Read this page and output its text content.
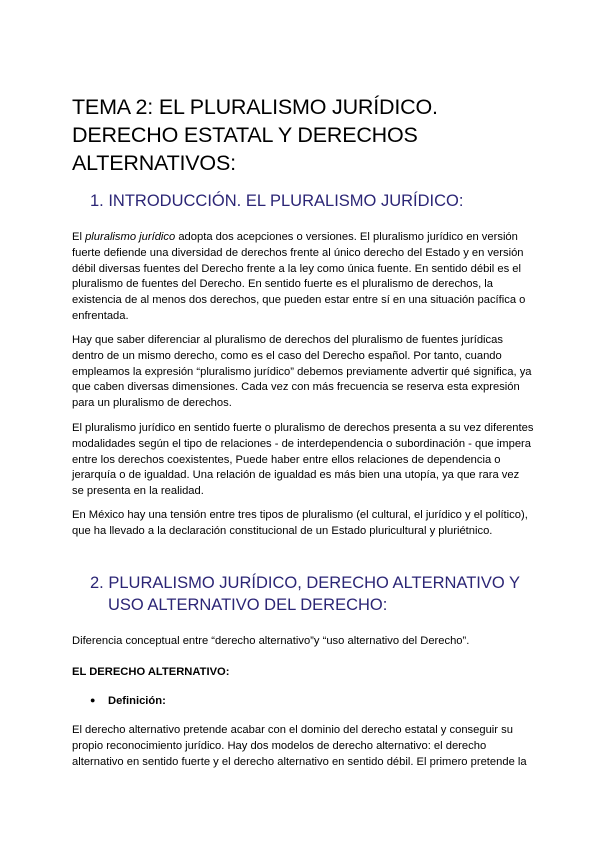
TEMA 2: EL PLURALISMO JURÍDICO. DERECHO ESTATAL Y DERECHOS ALTERNATIVOS:
1. INTRODUCCIÓN. EL PLURALISMO JURÍDICO:

El pluralismo jurídico adopta dos acepciones o versiones. El pluralismo jurídico en versión fuerte defiende una diversidad de derechos frente al único derecho del Estado y en versión débil diversas fuentes del Derecho frente a la ley como única fuente. En sentido débil es el pluralismo de fuentes del Derecho. En sentido fuerte es el pluralismo de derechos, la existencia de al menos dos derechos, que pueden estar entre sí en una situación pacífica o enfrentada.

Hay que saber diferenciar al pluralismo de derechos del pluralismo de fuentes jurídicas dentro de un mismo derecho, como es el caso del Derecho español. Por tanto, cuando empleamos la expresión “pluralismo jurídico” debemos previamente advertir qué significa, ya que caben diversas dimensiones. Cada vez con más frecuencia se reserva esta expresión para un pluralismo de derechos.

El pluralismo jurídico en sentido fuerte o pluralismo de derechos presenta a su vez diferentes modalidades según el tipo de relaciones - de interdependencia o subordinación - que impera entre los derechos coexistentes, Puede haber entre ellos relaciones de dependencia o jerarquía o de igualdad. Una relación de igualdad es más bien una utopía, ya que rara vez se presenta en la realidad.

En México hay una tensión entre tres tipos de pluralismo (el cultural, el jurídico y el político), que ha llevado a la declaración constitucional de un Estado pluricultural y pluriétnico.

2. PLURALISMO JURÍDICO, DERECHO ALTERNATIVO Y
USO ALTERNATIVO DEL DERECHO:

Diferencia conceptual entre “derecho alternativo”y “uso alternativo del Derecho”.

EL DERECHO ALTERNATIVO:

● Definición:

El derecho alternativo pretende acabar con el dominio del derecho estatal y conseguir su propio reconocimiento jurídico. Hay dos modelos de derecho alternativo: el derecho alternativo en sentido fuerte y el derecho alternativo en sentido débil. El primero pretende la
